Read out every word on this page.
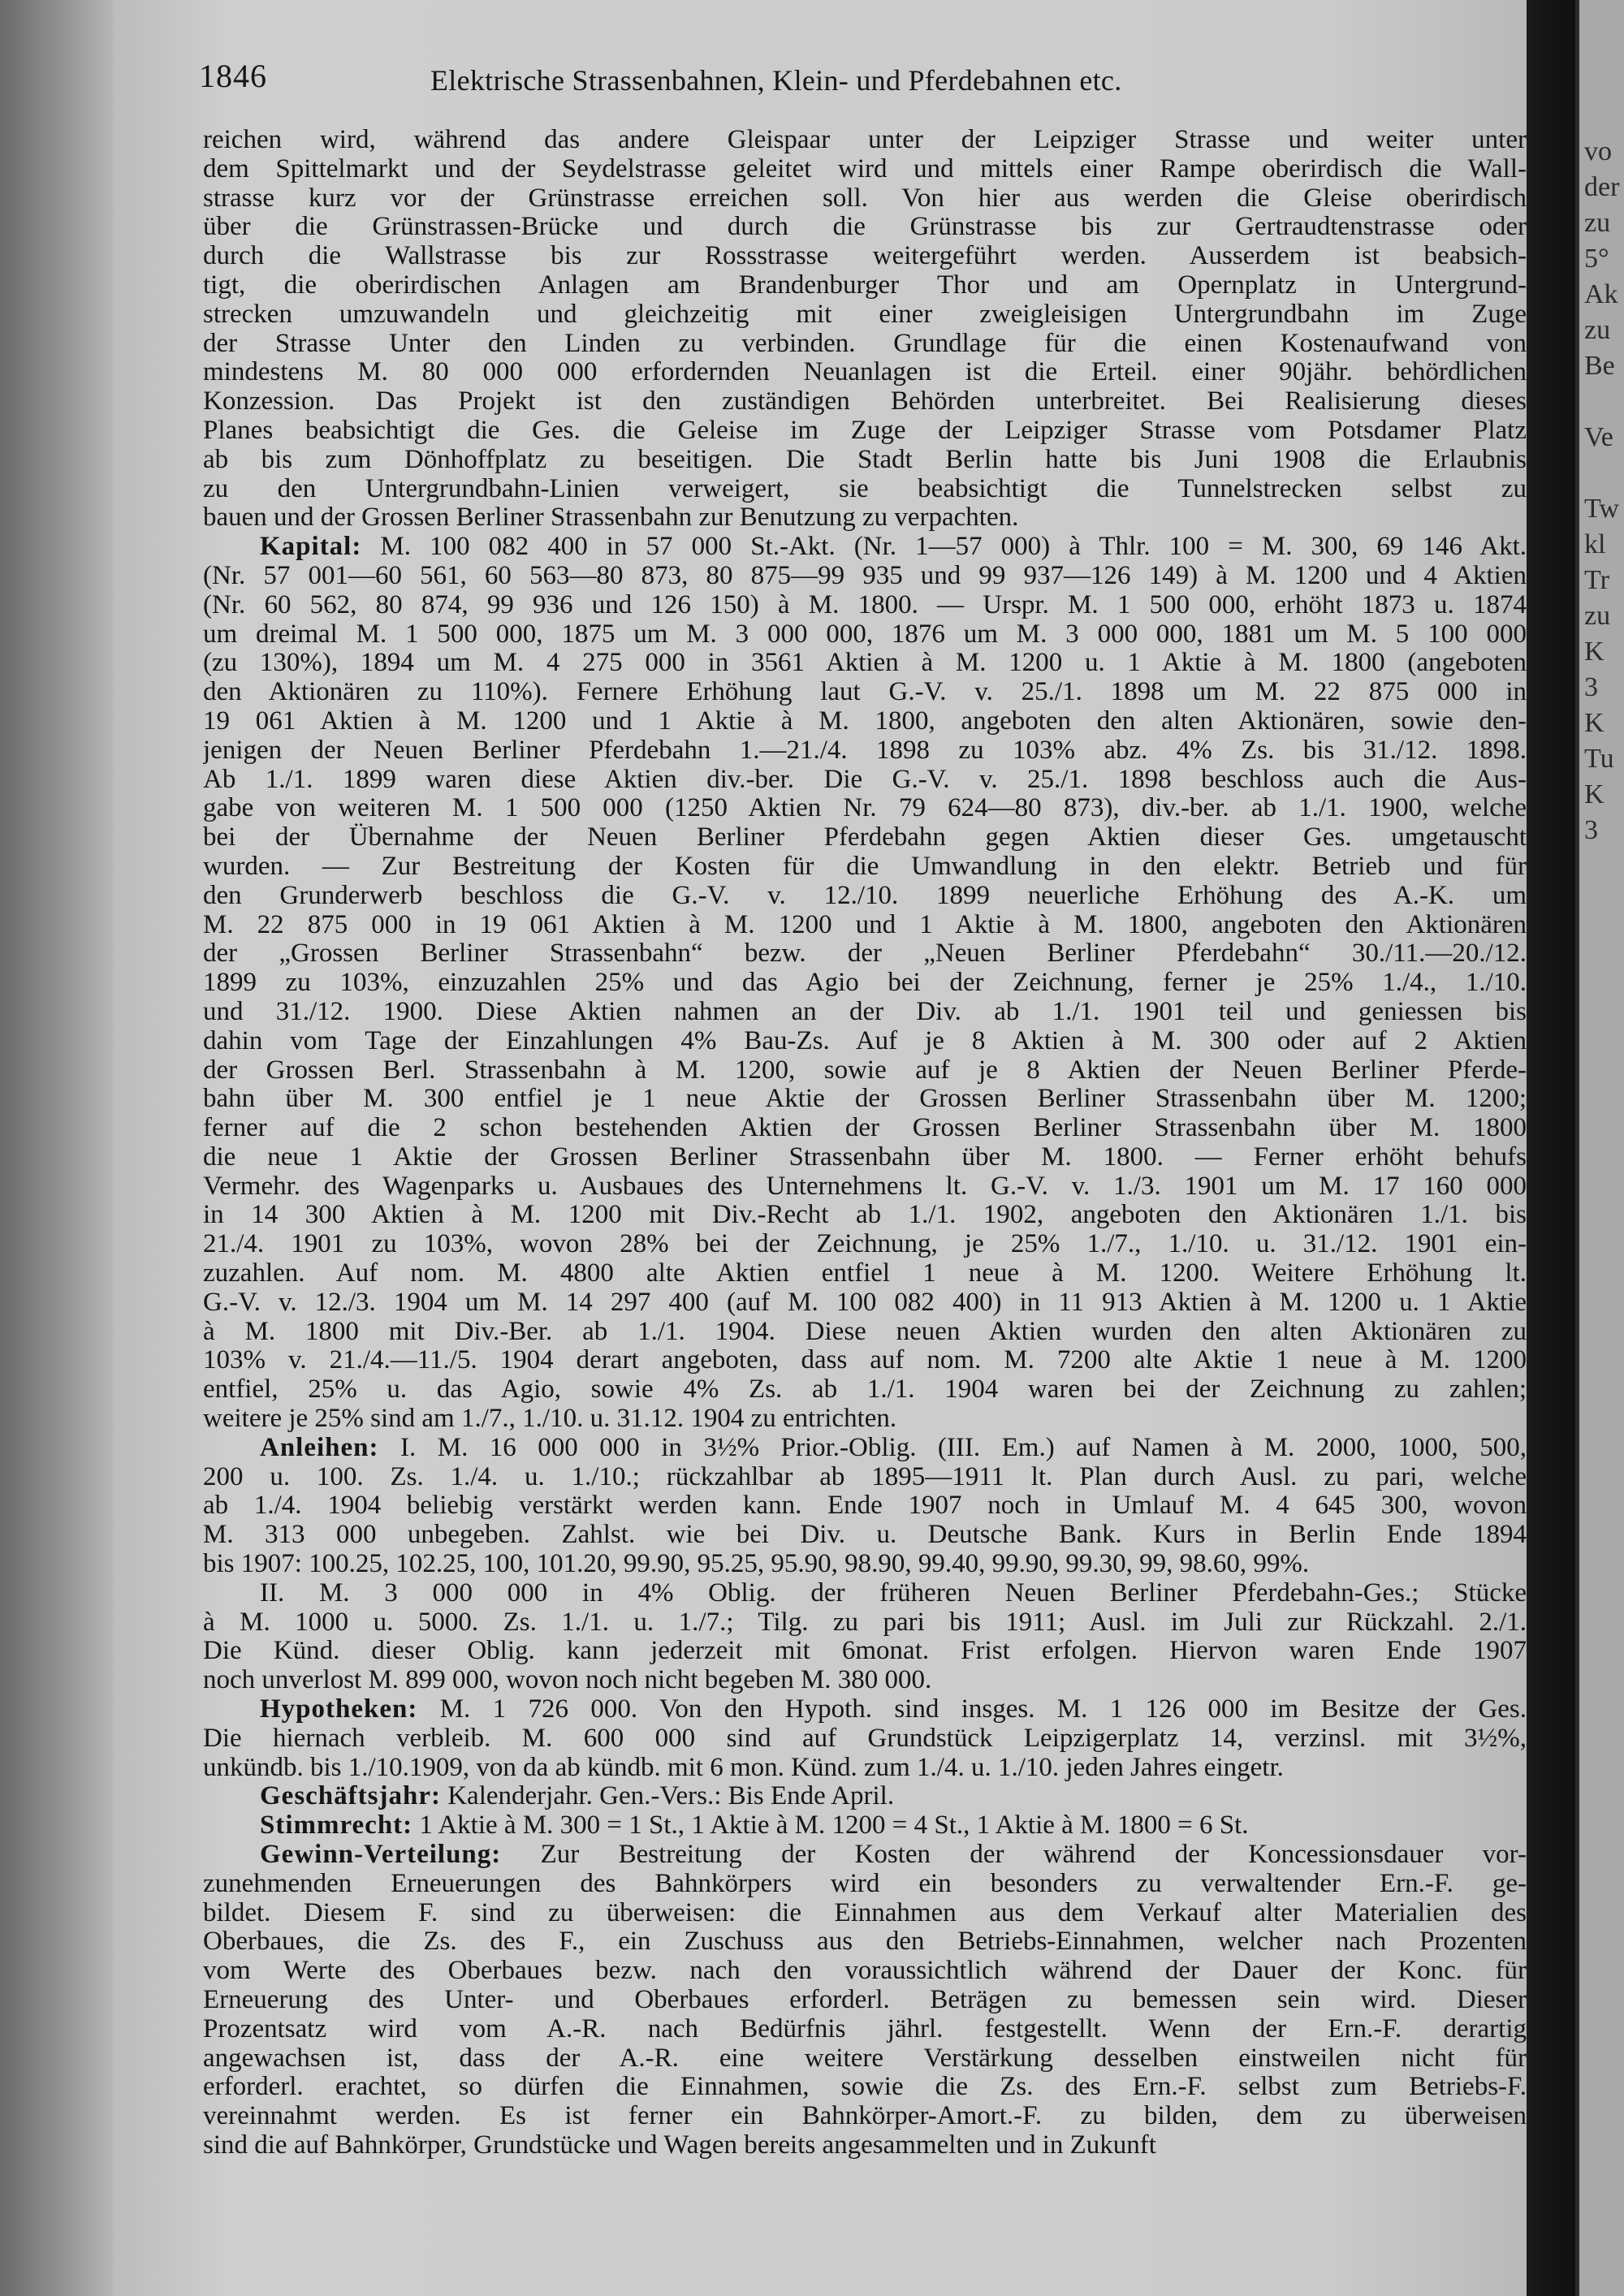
vo
der
zu
5°
Ak
zu
Be

Ve

Tw
kl
Tr
zu
K
3
K
Tu
K
3
1846	Elektrische Strassenbahnen, Klein- und Pferdebahnen etc.
reichen wird, während das andere Gleispaar unter der Leipziger Strasse und weiter unter
dem Spittelmarkt und der Seydelstrasse geleitet wird und mittels einer Rampe oberirdisch die Wall-
strasse kurz vor der Grünstrasse erreichen soll. Von hier aus werden die Gleise oberirdisch
über die Grünstrassen-Brücke und durch die Grünstrasse bis zur Gertraudtenstrasse oder
durch die Wallstrasse bis zur Rossstrasse weitergeführt werden. Ausserdem ist beabsich-
tigt, die oberirdischen Anlagen am Brandenburger Thor und am Opernplatz in Untergrund-
strecken umzuwandeln und gleichzeitig mit einer zweigleisigen Untergrundbahn im Zuge
der Strasse Unter den Linden zu verbinden. Grundlage für die einen Kostenaufwand von
mindestens M. 80 000 000 erfordernden Neuanlagen ist die Erteil. einer 90jähr. behördlichen
Konzession. Das Projekt ist den zuständigen Behörden unterbreitet. Bei Realisierung dieses
Planes beabsichtigt die Ges. die Geleise im Zuge der Leipziger Strasse vom Potsdamer Platz
ab bis zum Dönhoffplatz zu beseitigen. Die Stadt Berlin hatte bis Juni 1908 die Erlaubnis
zu den Untergrundbahn-Linien verweigert, sie beabsichtigt die Tunnelstrecken selbst zu
bauen und der Grossen Berliner Strassenbahn zur Benutzung zu verpachten.
Kapital: M. 100 082 400 in 57 000 St.-Akt. (Nr. 1—57 000) à Thlr. 100 = M. 300, 69 146 Akt.
(Nr. 57 001—60 561, 60 563—80 873, 80 875—99 935 und 99 937—126 149) à M. 1200 und 4 Aktien
(Nr. 60 562, 80 874, 99 936 und 126 150) à M. 1800. — Urspr. M. 1 500 000, erhöht 1873 u. 1874
um dreimal M. 1 500 000, 1875 um M. 3 000 000, 1876 um M. 3 000 000, 1881 um M. 5 100 000
(zu 130%), 1894 um M. 4 275 000 in 3561 Aktien à M. 1200 u. 1 Aktie à M. 1800 (angeboten
den Aktionären zu 110%). Fernere Erhöhung laut G.-V. v. 25./1. 1898 um M. 22 875 000 in
19 061 Aktien à M. 1200 und 1 Aktie à M. 1800, angeboten den alten Aktionären, sowie den-
jenigen der Neuen Berliner Pferdebahn 1.—21./4. 1898 zu 103% abz. 4% Zs. bis 31./12. 1898.
Ab 1./1. 1899 waren diese Aktien div.-ber. Die G.-V. v. 25./1. 1898 beschloss auch die Aus-
gabe von weiteren M. 1 500 000 (1250 Aktien Nr. 79 624—80 873), div.-ber. ab 1./1. 1900, welche
bei der Übernahme der Neuen Berliner Pferdebahn gegen Aktien dieser Ges. umgetauscht
wurden. — Zur Bestreitung der Kosten für die Umwandlung in den elektr. Betrieb und für
den Grunderwerb beschloss die G.-V. v. 12./10. 1899 neuerliche Erhöhung des A.-K. um
M. 22 875 000 in 19 061 Aktien à M. 1200 und 1 Aktie à M. 1800, angeboten den Aktionären
der „Grossen Berliner Strassenbahn“ bezw. der „Neuen Berliner Pferdebahn“ 30./11.—20./12.
1899 zu 103%, einzuzahlen 25% und das Agio bei der Zeichnung, ferner je 25% 1./4., 1./10.
und 31./12. 1900. Diese Aktien nahmen an der Div. ab 1./1. 1901 teil und geniessen bis
dahin vom Tage der Einzahlungen 4% Bau-Zs. Auf je 8 Aktien à M. 300 oder auf 2 Aktien
der Grossen Berl. Strassenbahn à M. 1200, sowie auf je 8 Aktien der Neuen Berliner Pferde-
bahn über M. 300 entfiel je 1 neue Aktie der Grossen Berliner Strassenbahn über M. 1200;
ferner auf die 2 schon bestehenden Aktien der Grossen Berliner Strassenbahn über M. 1800
die neue 1 Aktie der Grossen Berliner Strassenbahn über M. 1800. — Ferner erhöht behufs
Vermehr. des Wagenparks u. Ausbaues des Unternehmens lt. G.-V. v. 1./3. 1901 um M. 17 160 000
in 14 300 Aktien à M. 1200 mit Div.-Recht ab 1./1. 1902, angeboten den Aktionären 1./1. bis
21./4. 1901 zu 103%, wovon 28% bei der Zeichnung, je 25% 1./7., 1./10. u. 31./12. 1901 ein-
zuzahlen. Auf nom. M. 4800 alte Aktien entfiel 1 neue à M. 1200. Weitere Erhöhung lt.
G.-V. v. 12./3. 1904 um M. 14 297 400 (auf M. 100 082 400) in 11 913 Aktien à M. 1200 u. 1 Aktie
à M. 1800 mit Div.-Ber. ab 1./1. 1904. Diese neuen Aktien wurden den alten Aktionären zu
103% v. 21./4.—11./5. 1904 derart angeboten, dass auf nom. M. 7200 alte Aktie 1 neue à M. 1200
entfiel, 25% u. das Agio, sowie 4% Zs. ab 1./1. 1904 waren bei der Zeichnung zu zahlen;
weitere je 25% sind am 1./7., 1./10. u. 31.12. 1904 zu entrichten.
Anleihen: I. M. 16 000 000 in 3½% Prior.-Oblig. (III. Em.) auf Namen à M. 2000, 1000, 500,
200 u. 100. Zs. 1./4. u. 1./10.; rückzahlbar ab 1895—1911 lt. Plan durch Ausl. zu pari, welche
ab 1./4. 1904 beliebig verstärkt werden kann. Ende 1907 noch in Umlauf M. 4 645 300, wovon
M. 313 000 unbegeben. Zahlst. wie bei Div. u. Deutsche Bank. Kurs in Berlin Ende 1894
bis 1907: 100.25, 102.25, 100, 101.20, 99.90, 95.25, 95.90, 98.90, 99.40, 99.90, 99.30, 99, 98.60, 99%.
II. M. 3 000 000 in 4% Oblig. der früheren Neuen Berliner Pferdebahn-Ges.; Stücke
à M. 1000 u. 5000. Zs. 1./1. u. 1./7.; Tilg. zu pari bis 1911; Ausl. im Juli zur Rückzahl. 2./1.
Die Künd. dieser Oblig. kann jederzeit mit 6monat. Frist erfolgen. Hiervon waren Ende 1907
noch unverlost M. 899 000, wovon noch nicht begeben M. 380 000.
Hypotheken: M. 1 726 000. Von den Hypoth. sind insges. M. 1 126 000 im Besitze der Ges.
Die hiernach verbleib. M. 600 000 sind auf Grundstück Leipzigerplatz 14, verzinsl. mit 3½%,
unkündb. bis 1./10.1909, von da ab kündb. mit 6 mon. Künd. zum 1./4. u. 1./10. jeden Jahres eingetr.
Geschäftsjahr: Kalenderjahr. Gen.-Vers.: Bis Ende April.
Stimmrecht: 1 Aktie à M. 300 = 1 St., 1 Aktie à M. 1200 = 4 St., 1 Aktie à M. 1800 = 6 St.
Gewinn-Verteilung: Zur Bestreitung der Kosten der während der Koncessionsdauer vor-
zunehmenden Erneuerungen des Bahnkörpers wird ein besonders zu verwaltender Ern.-F. ge-
bildet. Diesem F. sind zu überweisen: die Einnahmen aus dem Verkauf alter Materialien des
Oberbaues, die Zs. des F., ein Zuschuss aus den Betriebs-Einnahmen, welcher nach Prozenten
vom Werte des Oberbaues bezw. nach den voraussichtlich während der Dauer der Konc. für
Erneuerung des Unter- und Oberbaues erforderl. Beträgen zu bemessen sein wird. Dieser
Prozentsatz wird vom A.-R. nach Bedürfnis jährl. festgestellt. Wenn der Ern.-F. derartig
angewachsen ist, dass der A.-R. eine weitere Verstärkung desselben einstweilen nicht für
erforderl. erachtet, so dürfen die Einnahmen, sowie die Zs. des Ern.-F. selbst zum Betriebs-F.
vereinnahmt werden. Es ist ferner ein Bahnkörper-Amort.-F. zu bilden, dem zu überweisen
sind die auf Bahnkörper, Grundstücke und Wagen bereits angesammelten und in Zukunft
